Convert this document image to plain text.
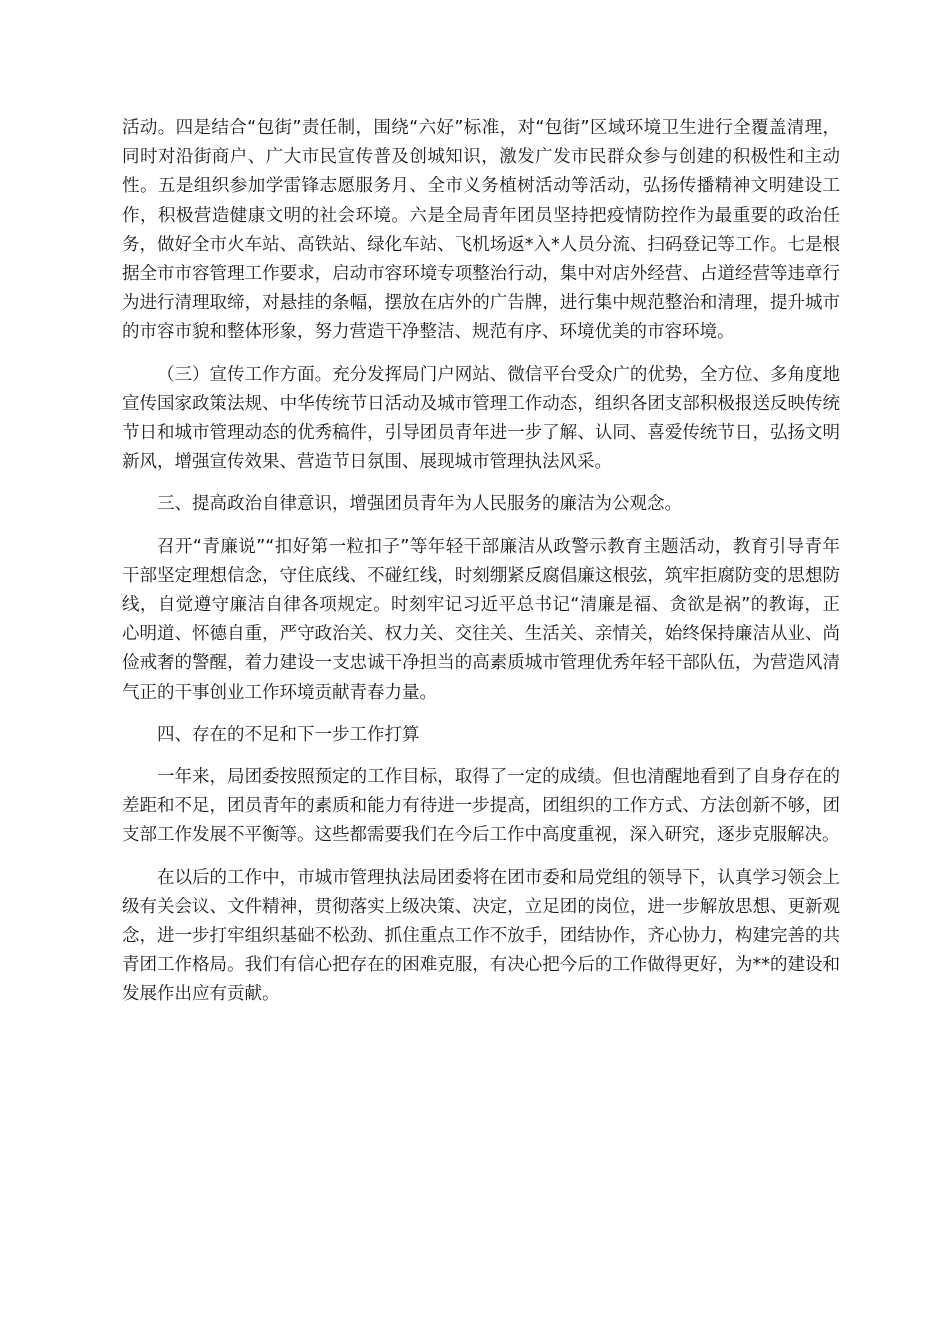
活动。四是结合“包街”责任制，围绕“六好”标准，对“包街”区域环境卫生进行全覆盖清理，同时对沿街商户、广大市民宣传普及创城知识，激发广发市民群众参与创建的积极性和主动性。五是组织参加学雷锋志愿服务月、全市义务植树活动等活动，弘扬传播精神文明建设工作，积极营造健康文明的社会环境。六是全局青年团员坚持把疫情防控作为最重要的政治任务，做好全市火车站、高铁站、绿化车站、飞机场返*入*人员分流、扫码登记等工作。七是根据全市市容管理工作要求，启动市容环境专项整治行动，集中对店外经营、占道经营等违章行为进行清理取缔，对悬挂的条幅，摆放在店外的广告牌，进行集中规范整治和清理，提升城市的市容市貌和整体形象，努力营造干净整洁、规范有序、环境优美的市容环境。

（三）宣传工作方面。充分发挥局门户网站、微信平台受众广的优势，全方位、多角度地宣传国家政策法规、中华传统节日活动及城市管理工作动态，组织各团支部积极报送反映传统节日和城市管理动态的优秀稿件，引导团员青年进一步了解、认同、喜爱传统节日，弘扬文明新风，增强宣传效果、营造节日氛围、展现城市管理执法风采。

三、提高政治自律意识，增强团员青年为人民服务的廉洁为公观念。

召开“青廉说”“扣好第一粒扣子”等年轻干部廉洁从政警示教育主题活动，教育引导青年干部坚定理想信念，守住底线、不碰红线，时刻绷紧反腐倡廉这根弦，筑牢拒腐防变的思想防线，自觉遵守廉洁自律各项规定。时刻牢记习近平总书记“清廉是福、贪欲是祸”的教诲，正心明道、怀德自重，严守政治关、权力关、交往关、生活关、亲情关，始终保持廉洁从业、尚俭戒奢的警醒，着力建设一支忠诚干净担当的高素质城市管理优秀年轻干部队伍，为营造风清气正的干事创业工作环境贡献青春力量。

四、存在的不足和下一步工作打算

一年来，局团委按照预定的工作目标，取得了一定的成绩。但也清醒地看到了自身存在的差距和不足，团员青年的素质和能力有待进一步提高，团组织的工作方式、方法创新不够，团支部工作发展不平衡等。这些都需要我们在今后工作中高度重视，深入研究，逐步克服解决。

在以后的工作中，市城市管理执法局团委将在团市委和局党组的领导下，认真学习领会上级有关会议、文件精神，贯彻落实上级决策、决定，立足团的岗位，进一步解放思想、更新观念，进一步打牢组织基础不松劲、抓住重点工作不放手，团结协作，齐心协力，构建完善的共青团工作格局。我们有信心把存在的困难克服，有决心把今后的工作做得更好，为**的建设和发展作出应有贡献。
